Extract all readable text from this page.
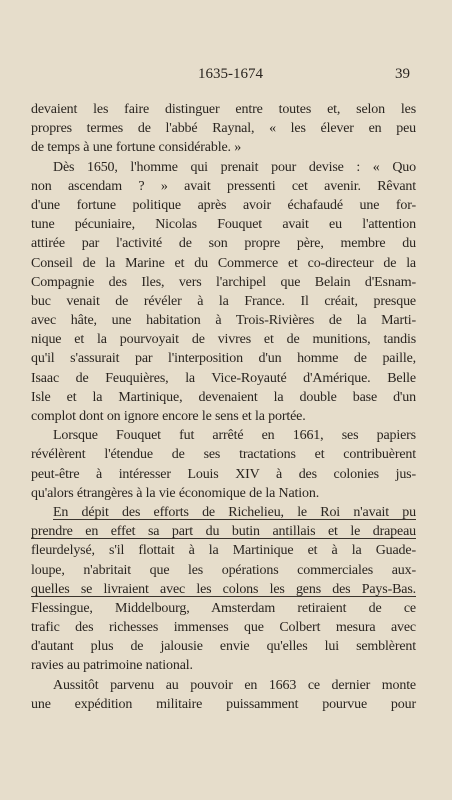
1635-1674	39
devaient les faire distinguer entre toutes et, selon les
propres termes de l'abbé Raynal, « les élever en peu
de temps à une fortune considérable. »
Dès 1650, l'homme qui prenait pour devise : « Quo
non ascendam ? » avait pressenti cet avenir. Rêvant
d'une fortune politique après avoir échafaudé une for-
tune pécuniaire, Nicolas Fouquet avait eu l'attention
attirée par l'activité de son propre père, membre du
Conseil de la Marine et du Commerce et co-directeur de la
Compagnie des Iles, vers l'archipel que Belain d'Esnam-
buc venait de révéler à la France. Il créait, presque
avec hâte, une habitation à Trois-Rivières de la Marti-
nique et la pourvoyait de vivres et de munitions, tandis
qu'il s'assurait par l'interposition d'un homme de paille,
Isaac de Feuquières, la Vice-Royauté d'Amérique. Belle
Isle et la Martinique, devenaient la double base d'un
complot dont on ignore encore le sens et la portée.
Lorsque Fouquet fut arrêté en 1661, ses papiers
révélèrent l'étendue de ses tractations et contribuèrent
peut-être à intéresser Louis XIV à des colonies jus-
qu'alors étrangères à la vie économique de la Nation.
En dépit des efforts de Richelieu, le Roi n'avait pu
prendre en effet sa part du butin antillais et le drapeau
fleurdelysé, s'il flottait à la Martinique et à la Guade-
loupe, n'abritait que les opérations commerciales aux-
quelles se livraient avec les colons les gens des Pays-Bas.
Flessingue, Middelbourg, Amsterdam retiraient de ce
trafic des richesses immenses que Colbert mesura avec
d'autant plus de jalousie envie qu'elles lui semblèrent
ravies au patrimoine national.
Aussitôt parvenu au pouvoir en 1663 ce dernier monte
une expédition militaire puissamment pourvue pour
